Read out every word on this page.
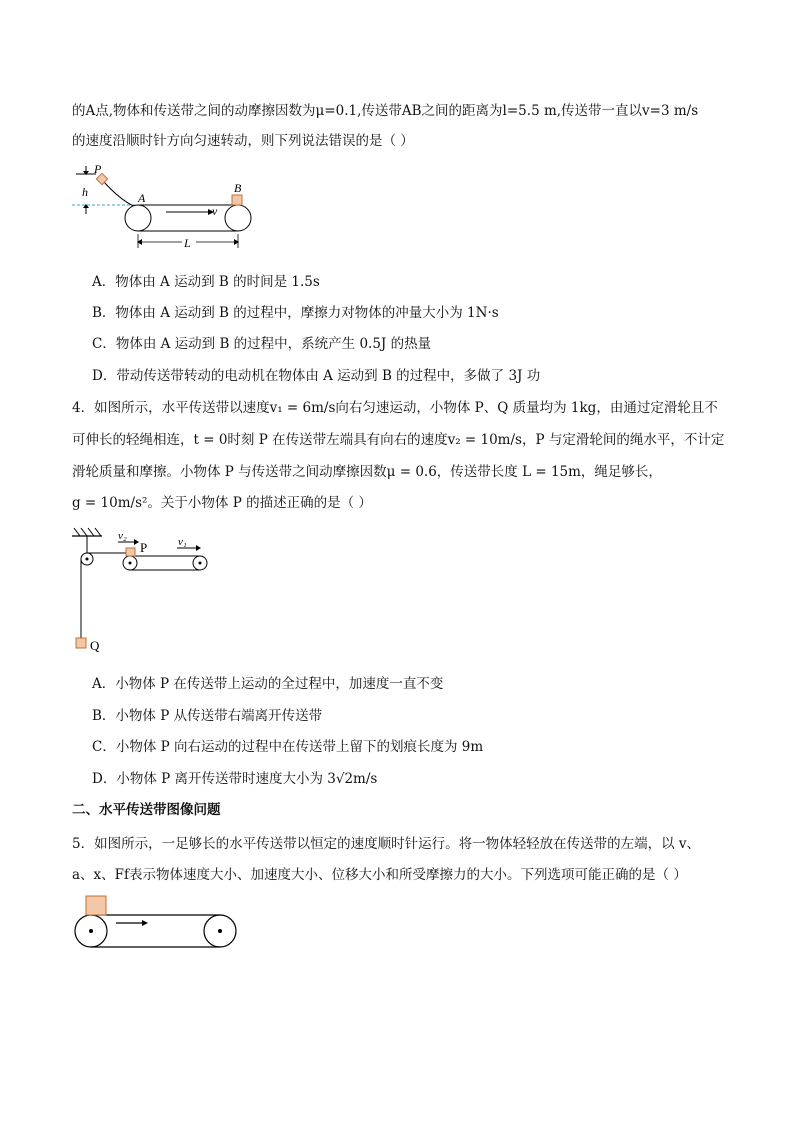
的A点,物体和传送带之间的动摩擦因数为μ=0.1,传送带AB之间的距离为l=5.5 m,传送带一直以v=3 m/s
的速度沿顺时针方向匀速转动，则下列说法错误的是（ ）
h
P
A
B
v
L
A．物体由 A 运动到 B 的时间是 1.5s
B．物体由 A 运动到 B 的过程中，摩擦力对物体的冲量大小为 1N·s
C．物体由 A 运动到 B 的过程中，系统产生 0.5J 的热量
D．带动传送带转动的电动机在物体由 A 运动到 B 的过程中，多做了 3J 功
4．如图所示，水平传送带以速度v₁ = 6m/s向右匀速运动，小物体 P、Q 质量均为 1kg，由通过定滑轮且不
可伸长的轻绳相连，t = 0时刻 P 在传送带左端具有向右的速度v₂ = 10m/s，P 与定滑轮间的绳水平，不计定
滑轮质量和摩擦。小物体 P 与传送带之间动摩擦因数μ = 0.6，传送带长度 L = 15m，绳足够长，
g = 10m/s²。关于小物体 P 的描述正确的是（ ）
Q
v₂
P	v₁
A．小物体 P 在传送带上运动的全过程中，加速度一直不变
B．小物体 P 从传送带右端离开传送带
C．小物体 P 向右运动的过程中在传送带上留下的划痕长度为 9m
D．小物体 P 离开传送带时速度大小为 3√2m/s
二、水平传送带图像问题
5．如图所示，一足够长的水平传送带以恒定的速度顺时针运行。将一物体轻轻放在传送带的左端，以 v、
a、x、Ff表示物体速度大小、加速度大小、位移大小和所受摩擦力的大小。下列选项可能正确的是（ ）
